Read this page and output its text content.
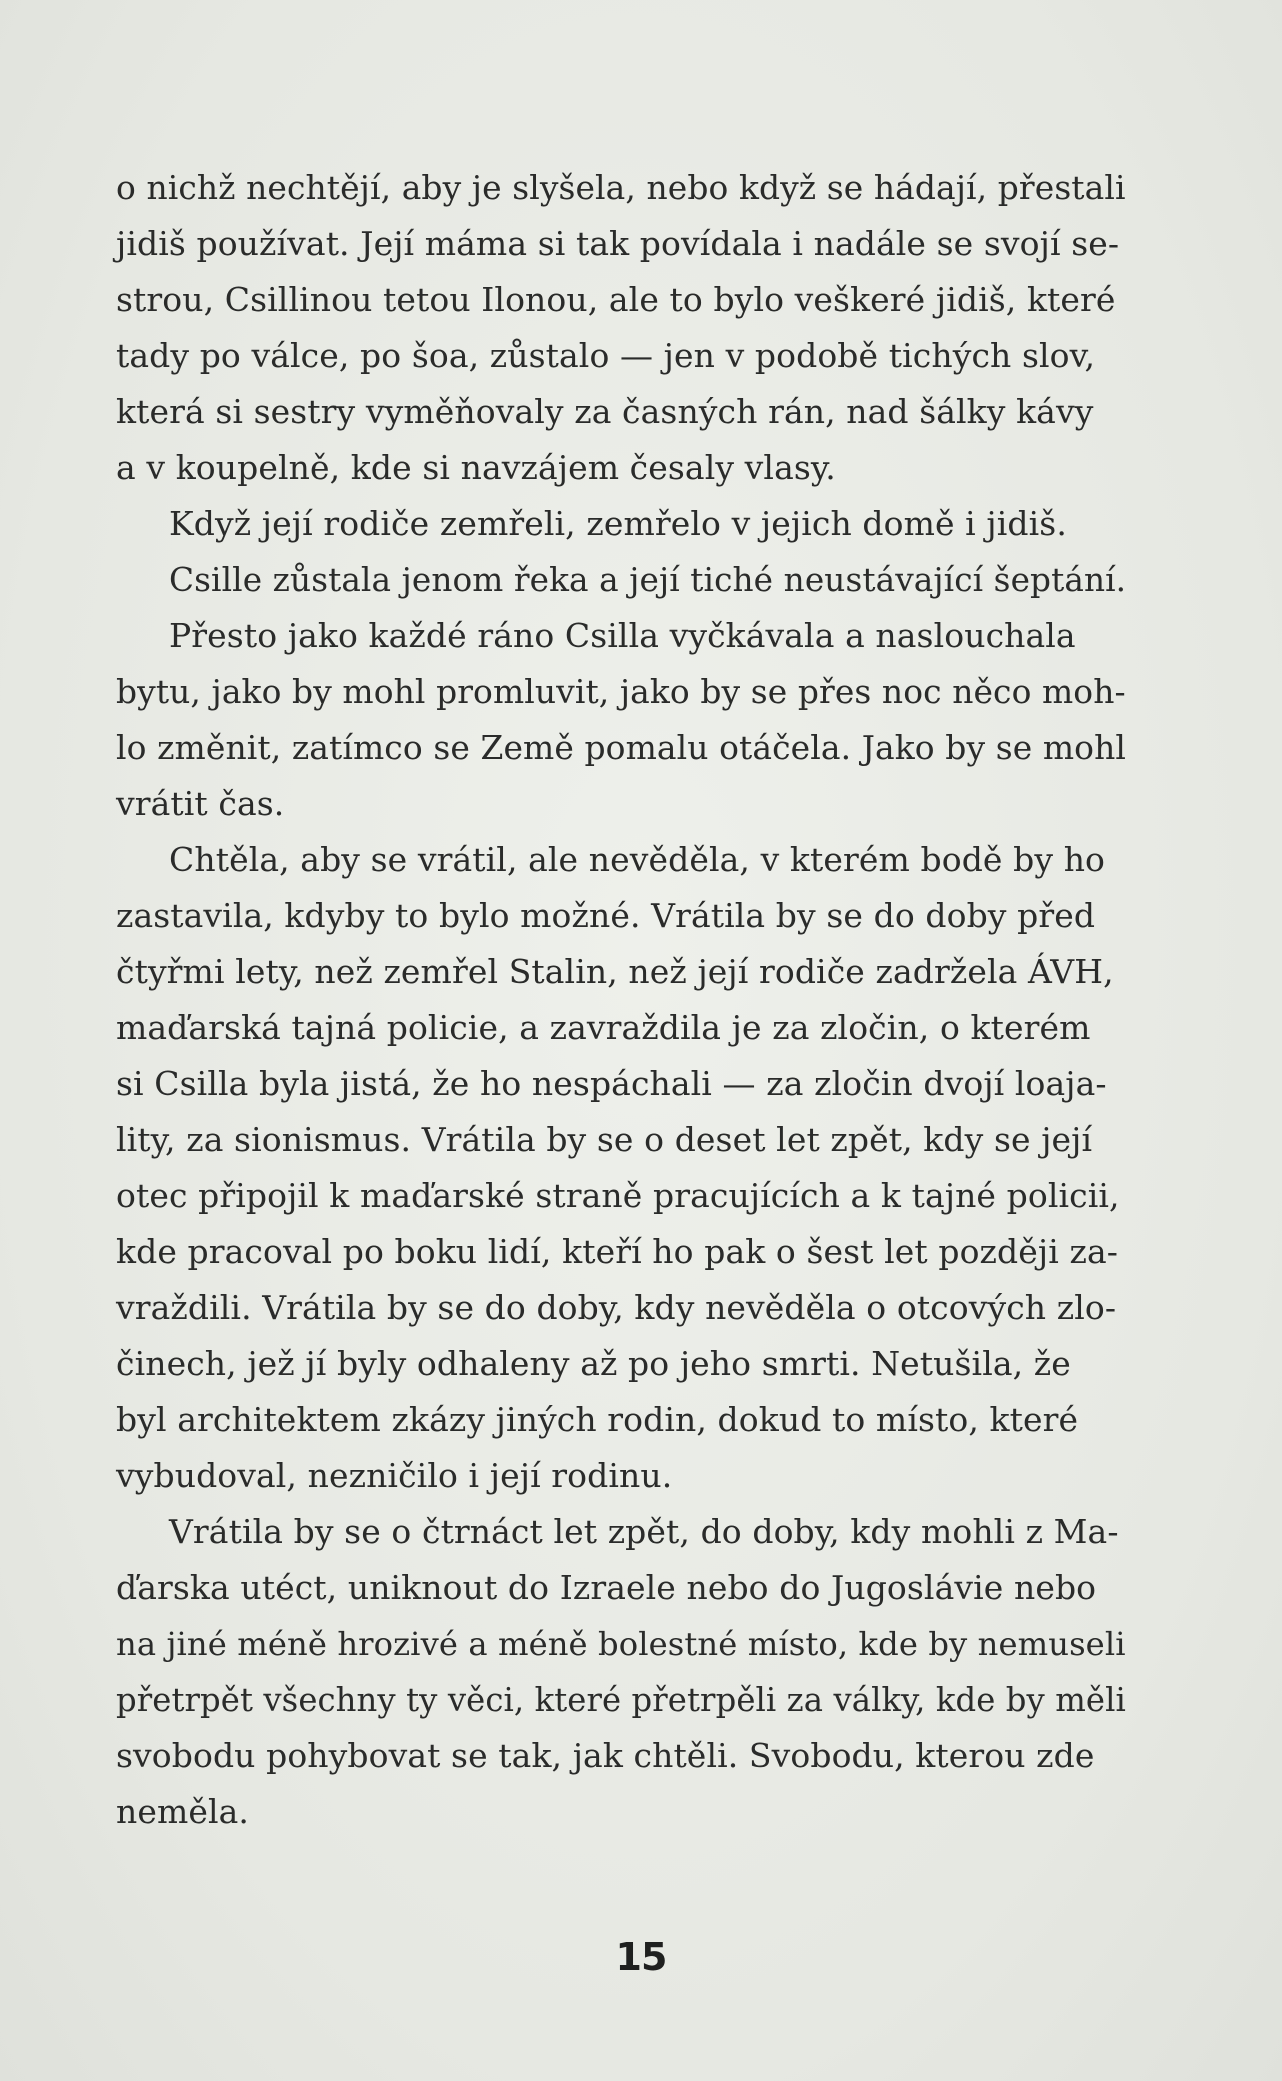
o nichž nechtějí, aby je slyšela, nebo když se hádají, přestali
jidiš používat. Její máma si tak povídala i nadále se svojí se-
strou, Csillinou tetou Ilonou, ale to bylo veškeré jidiš, které
tady po válce, po šoa, zůstalo — jen v podobě tichých slov,
která si sestry vyměňovaly za časných rán, nad šálky kávy
a v koupelně, kde si navzájem česaly vlasy.
Když její rodiče zemřeli, zemřelo v jejich domě i jidiš.
Csille zůstala jenom řeka a její tiché neustávající šeptání.
Přesto jako každé ráno Csilla vyčkávala a naslouchala
bytu, jako by mohl promluvit, jako by se přes noc něco moh-
lo změnit, zatímco se Země pomalu otáčela. Jako by se mohl
vrátit čas.
Chtěla, aby se vrátil, ale nevěděla, v kterém bodě by ho
zastavila, kdyby to bylo možné. Vrátila by se do doby před
čtyřmi lety, než zemřel Stalin, než její rodiče zadržela ÁVH,
maďarská tajná policie, a zavraždila je za zločin, o kterém
si Csilla byla jistá, že ho nespáchali — za zločin dvojí loaja-
lity, za sionismus. Vrátila by se o deset let zpět, kdy se její
otec připojil k maďarské straně pracujících a k tajné policii,
kde pracoval po boku lidí, kteří ho pak o šest let později za-
vraždili. Vrátila by se do doby, kdy nevěděla o otcových zlo-
činech, jež jí byly odhaleny až po jeho smrti. Netušila, že
byl architektem zkázy jiných rodin, dokud to místo, které
vybudoval, nezničilo i její rodinu.
Vrátila by se o čtrnáct let zpět, do doby, kdy mohli z Ma-
ďarska utéct, uniknout do Izraele nebo do Jugoslávie nebo
na jiné méně hrozivé a méně bolestné místo, kde by nemuseli
přetrpět všechny ty věci, které přetrpěli za války, kde by měli
svobodu pohybovat se tak, jak chtěli. Svobodu, kterou zde
neměla.
15
